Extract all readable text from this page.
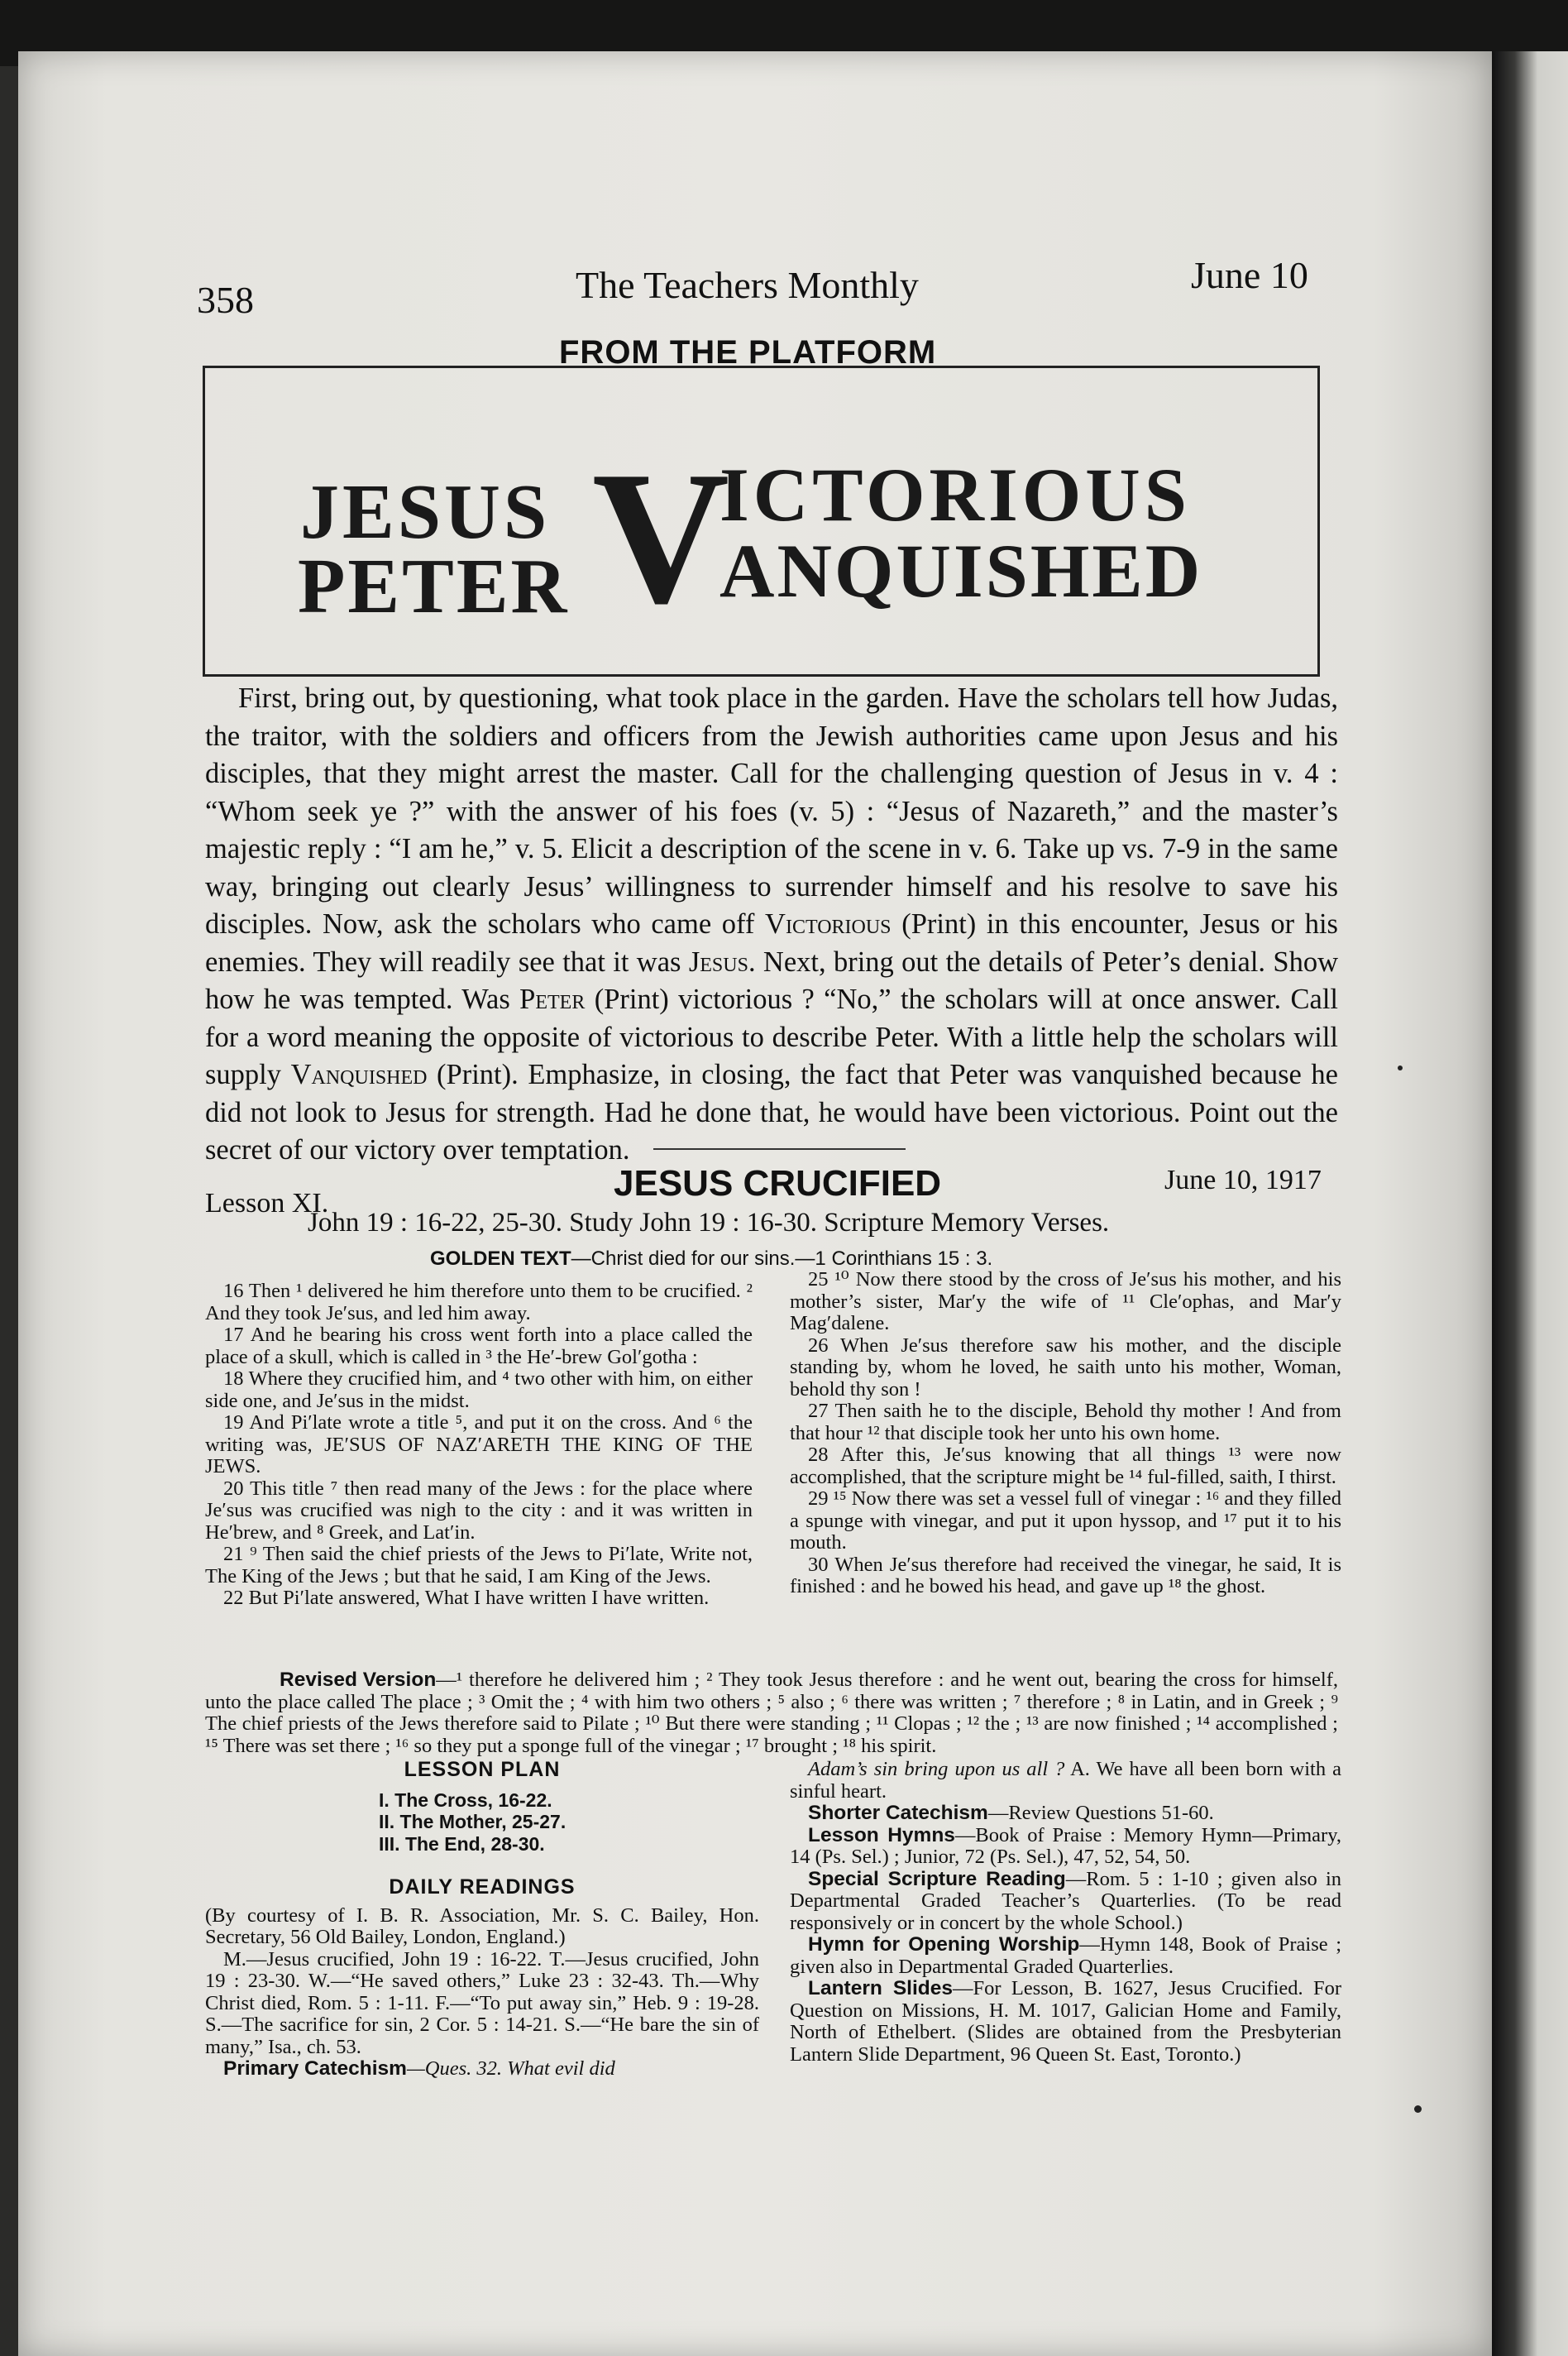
358	The Teachers Monthly	June 10
FROM THE PLATFORM
JESUS
PETER V
ICTORIOUS
ANQUISHED
First, bring out, by questioning, what took place in the garden. Have the scholars tell how Judas, the traitor, with the soldiers and officers from the Jewish authorities came upon Jesus and his disciples, that they might arrest the master. Call for the challenging question of Jesus in v. 4 : “Whom seek ye ?” with the answer of his foes (v. 5) : “Jesus of Nazareth,” and the master’s majestic reply : “I am he,” v. 5. Elicit a description of the scene in v. 6. Take up vs. 7-9 in the same way, bringing out clearly Jesus’ willingness to surrender himself and his resolve to save his disciples. Now, ask the scholars who came off Victorious (Print) in this encounter, Jesus or his enemies. They will readily see that it was Jesus. Next, bring out the details of Peter’s denial. Show how he was tempted. Was Peter (Print) victorious ? “No,” the scholars will at once answer. Call for a word meaning the opposite of victorious to describe Peter. With a little help the scholars will supply Vanquished (Print). Emphasize, in closing, the fact that Peter was vanquished because he did not look to Jesus for strength. Had he done that, he would have been victorious. Point out the secret of our victory over temptation.
Lesson XI.	JESUS CRUCIFIED	June 10, 1917
John 19 : 16-22, 25-30. Study John 19 : 16-30. Scripture Memory Verses.
GOLDEN TEXT—Christ died for our sins.—1 Corinthians 15 : 3.

16 Then ¹ delivered he him therefore unto them to be crucified. ² And they took Je′sus, and led him away.

17 And he bearing his cross went forth into a place called the place of a skull, which is called in ³ the He′-brew Gol′gotha :

18 Where they crucified him, and ⁴ two other with him, on either side one, and Je′sus in the midst.

19 And Pi′late wrote a title ⁵, and put it on the cross. And ⁶ the writing was, JE′SUS OF NAZ′ARETH THE KING OF THE JEWS.

20 This title ⁷ then read many of the Jews : for the place where Je′sus was crucified was nigh to the city : and it was written in He′brew, and ⁸ Greek, and Lat′in.

21 ⁹ Then said the chief priests of the Jews to Pi′late, Write not, The King of the Jews ; but that he said, I am King of the Jews.

22 But Pi′late answered, What I have written I have written.

25 ¹⁰ Now there stood by the cross of Je′sus his mother, and his mother’s sister, Mar′y the wife of ¹¹ Cle′ophas, and Mar′y Mag′dalene.

26 When Je′sus therefore saw his mother, and the disciple standing by, whom he loved, he saith unto his mother, Woman, behold thy son !

27 Then saith he to the disciple, Behold thy mother ! And from that hour ¹² that disciple took her unto his own home.

28 After this, Je′sus knowing that all things ¹³ were now accomplished, that the scripture might be ¹⁴ ful-filled, saith, I thirst.

29 ¹⁵ Now there was set a vessel full of vinegar : ¹⁶ and they filled a spunge with vinegar, and put it upon hyssop, and ¹⁷ put it to his mouth.

30 When Je′sus therefore had received the vinegar, he said, It is finished : and he bowed his head, and gave up ¹⁸ the ghost.

Revised Version—¹ therefore he delivered him ; ² They took Jesus therefore : and he went out, bearing the cross for himself, unto the place called The place ; ³ Omit the ; ⁴ with him two others ; ⁵ also ; ⁶ there was written ; ⁷ therefore ; ⁸ in Latin, and in Greek ; ⁹ The chief priests of the Jews therefore said to Pilate ; ¹⁰ But there were standing ; ¹¹ Clopas ; ¹² the ; ¹³ are now finished ; ¹⁴ accomplished ; ¹⁵ There was set there ; ¹⁶ so they put a sponge full of the vinegar ; ¹⁷ brought ; ¹⁸ his spirit.
LESSON PLAN
I. The Cross, 16-22.
II. The Mother, 25-27.
III. The End, 28-30.
DAILY READINGS

(By courtesy of I. B. R. Association, Mr. S. C. Bailey, Hon. Secretary, 56 Old Bailey, London, England.)

M.—Jesus crucified, John 19 : 16-22. T.—Jesus crucified, John 19 : 23-30. W.—“He saved others,” Luke 23 : 32-43. Th.—Why Christ died, Rom. 5 : 1-11. F.—“To put away sin,” Heb. 9 : 19-28. S.—The sacrifice for sin, 2 Cor. 5 : 14-21. S.—“He bare the sin of many,” Isa., ch. 53.

Primary Catechism—Ques. 32. What evil did

Adam’s sin bring upon us all ? A. We have all been born with a sinful heart.

Shorter Catechism—Review Questions 51-60.

Lesson Hymns—Book of Praise : Memory Hymn—Primary, 14 (Ps. Sel.) ; Junior, 72 (Ps. Sel.), 47, 52, 54, 50.

Special Scripture Reading—Rom. 5 : 1-10 ; given also in Departmental Graded Teacher’s Quarterlies. (To be read responsively or in concert by the whole School.)

Hymn for Opening Worship—Hymn 148, Book of Praise ; given also in Departmental Graded Quarterlies.

Lantern Slides—For Lesson, B. 1627, Jesus Crucified. For Question on Missions, H. M. 1017, Galician Home and Family, North of Ethelbert. (Slides are obtained from the Presbyterian Lantern Slide Department, 96 Queen St. East, Toronto.)
